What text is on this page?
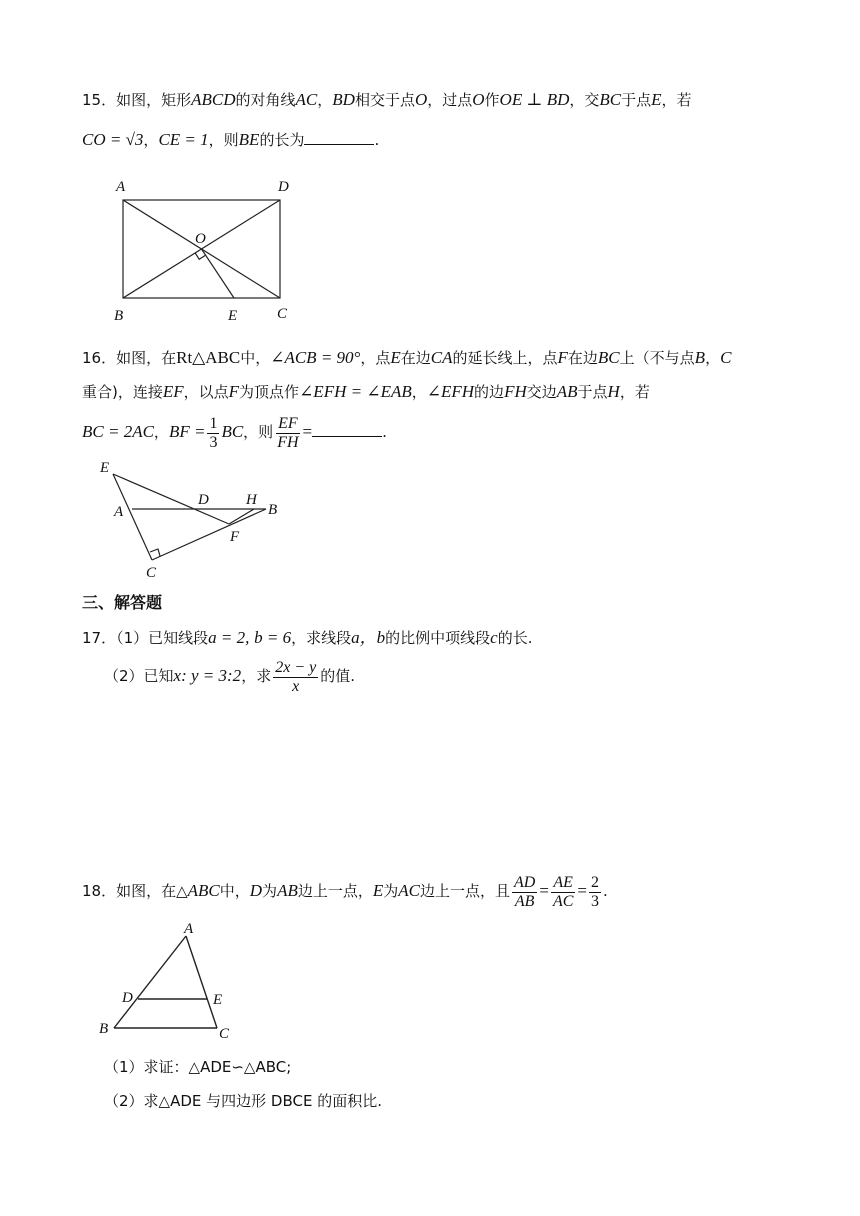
15．如图，矩形ABCD的对角线AC，BD相交于点O，过点O作OE ⊥ BD，交BC于点E，若
CO = √3，CE = 1，则BE的长为	.
A	D
O
B	E	C
16．如图，在Rt△ABC中，∠ACB = 90°，点E在边CA的延长线上，点F在边BC上（不与点B，C
重合)，连接EF，以点F为顶点作∠EFH = ∠EAB，∠EFH的边FH交边AB于点H，若
BC = 2AC，BF = $\frac{1}{3}$ BC，则 $\frac{EF}{FH}$ =	.
E
A
C
D H
B
F
三、解答题
17．（1）已知线段a = 2, b = 6，求线段a，b的比例中项线段c的长.
（2）已知x: y = 3:2，求 $\frac{2x - y}{x}$ 的值.
18．如图，在△ABC中，D为AB边上一点，E为AC边上一点，且 $\frac{AD}{AB} = \frac{AE}{AC} = \frac{2}{3}$ .
A
D	E
B	C
（1）求证：△ADE∽△ABC;
（2）求△ADE 与四边形 DBCE 的面积比.
